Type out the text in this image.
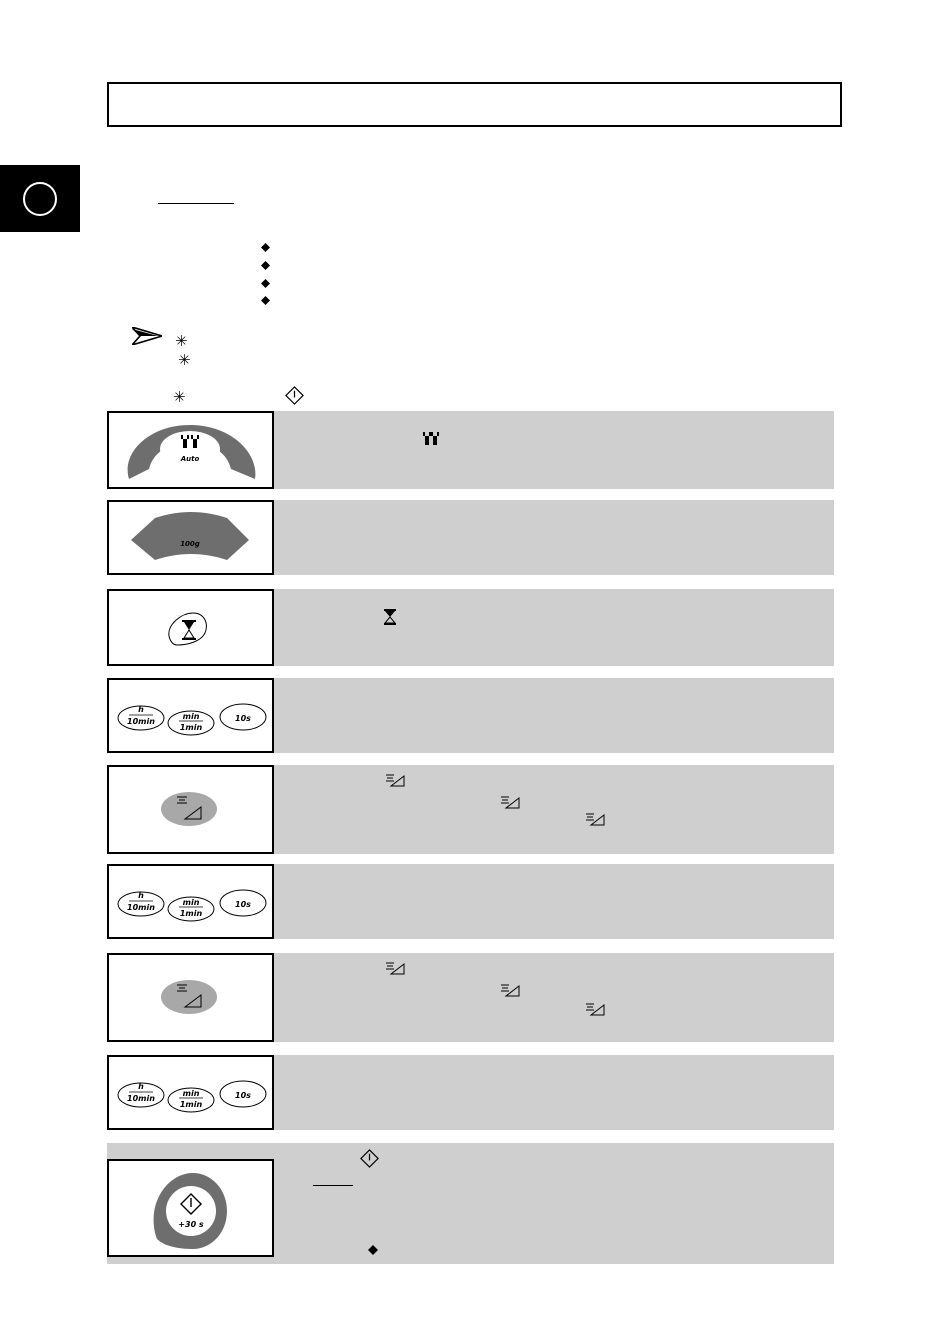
✳
✳
✳
Auto
100g
h
10min
min
1min
10s
h
10min
min
1min
10s
h
10min
min
1min
10s
+30 s
